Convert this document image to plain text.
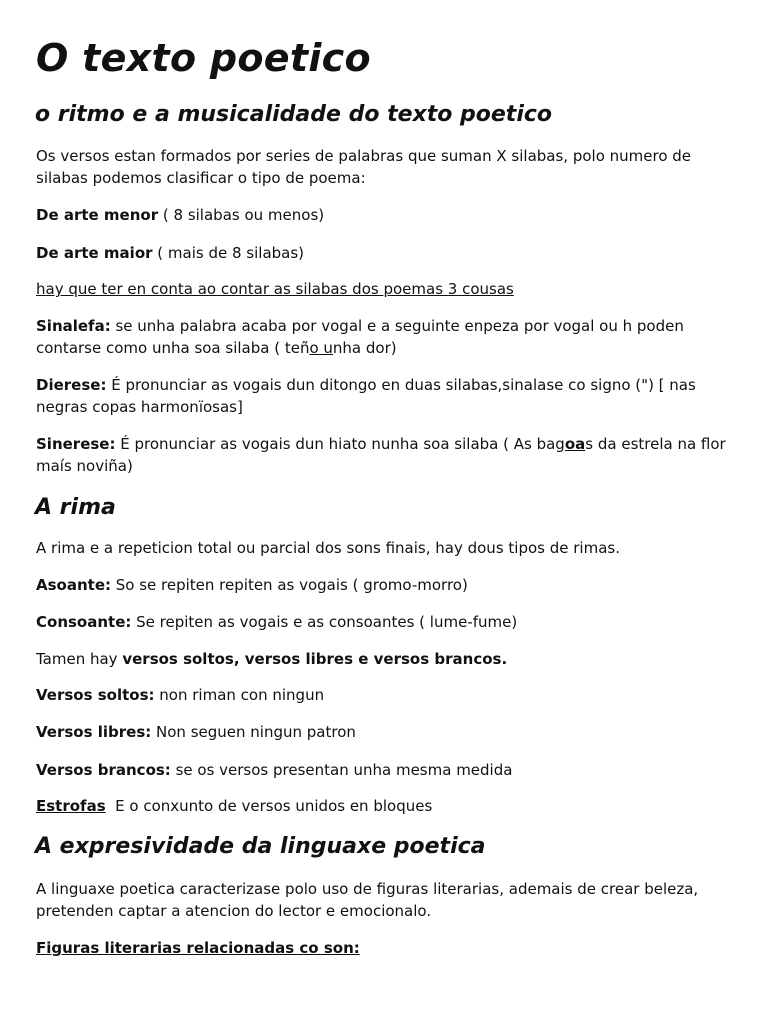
O texto poetico
o ritmo e a musicalidade do texto poetico

Os versos estan formados por series de palabras que suman X silabas, polo numero de silabas podemos clasificar o tipo de poema:

De arte menor ( 8 silabas ou menos)

De arte maior ( mais de 8 silabas)

hay que ter en conta ao contar as silabas dos poemas 3 cousas

Sinalefa: se unha palabra acaba por vogal e a seguinte enpeza por vogal ou h poden contarse como unha soa silaba ( teño unha dor)

Dierese: É pronunciar as vogais dun ditongo en duas silabas,sinalase co signo (") [ nas negras copas harmonïosas]

Sinerese: É pronunciar as vogais dun hiato nunha soa silaba ( As bagoas da estrela na flor maís noviña)

A rima

A rima e a repeticion total ou parcial dos sons finais, hay dous tipos de rimas.

Asoante: So se repiten repiten as vogais ( gromo-morro)

Consoante: Se repiten as vogais e as consoantes ( lume-fume)

Tamen hay versos soltos, versos libres e versos brancos.

Versos soltos: non riman con ningun

Versos libres: Non seguen ningun patron

Versos brancos: se os versos presentan unha mesma medida

Estrofas  E o conxunto de versos unidos en bloques

A expresividade da linguaxe poetica

A linguaxe poetica caracterizase polo uso de figuras literarias, ademais de crear beleza, pretenden captar a atencion do lector e emocionalo.

Figuras literarias relacionadas co son:
